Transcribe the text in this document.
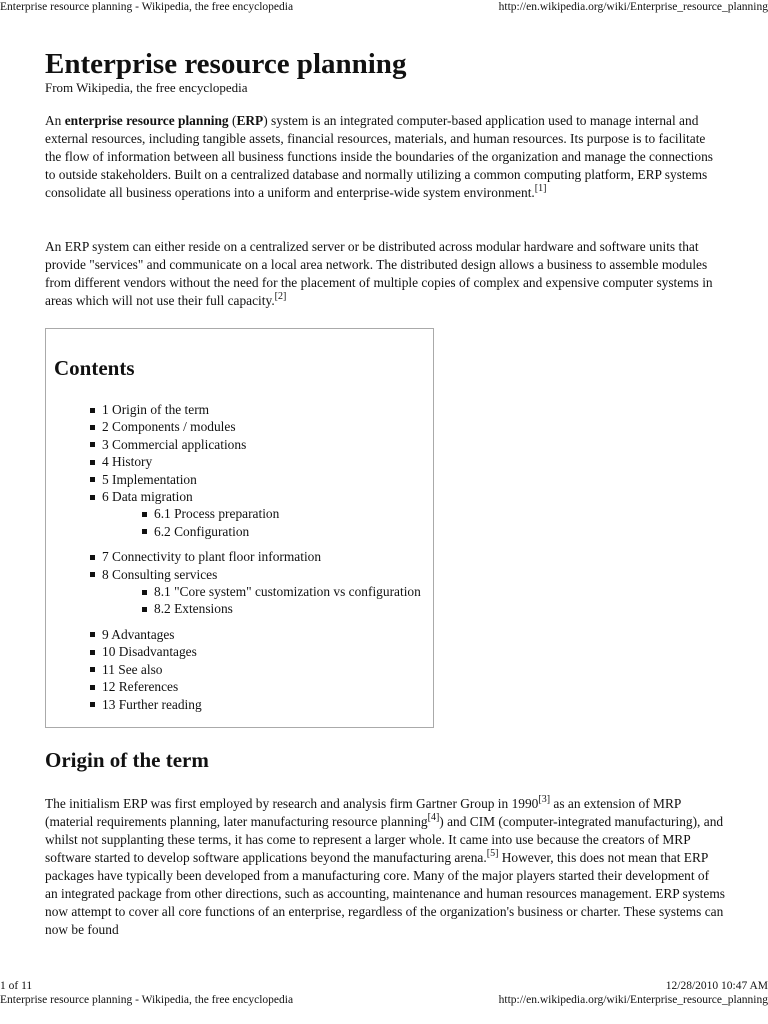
Enterprise resource planning - Wikipedia, the free encyclopedia	http://en.wikipedia.org/wiki/Enterprise_resource_planning
Enterprise resource planning
From Wikipedia, the free encyclopedia

An enterprise resource planning (ERP) system is an integrated computer-based application used to manage internal and external resources, including tangible assets, financial resources, materials, and human resources. Its purpose is to facilitate the flow of information between all business functions inside the boundaries of the organization and manage the connections to outside stakeholders. Built on a centralized database and normally utilizing a common computing platform, ERP systems consolidate all business operations into a uniform and enterprise-wide system environment.[1]

An ERP system can either reside on a centralized server or be distributed across modular hardware and software units that provide "services" and communicate on a local area network. The distributed design allows a business to assemble modules from different vendors without the need for the placement of multiple copies of complex and expensive computer systems in areas which will not use their full capacity.[2]

Contents
1 Origin of the term
2 Components / modules
3 Commercial applications
4 History
5 Implementation
6 Data migration
6.1 Process preparation
6.2 Configuration
7 Connectivity to plant floor information
8 Consulting services
8.1 "Core system" customization vs configuration
8.2 Extensions
9 Advantages
10 Disadvantages
11 See also
12 References
13 Further reading
Origin of the term

The initialism ERP was first employed by research and analysis firm Gartner Group in 1990[3] as an extension of MRP (material requirements planning, later manufacturing resource planning[4]) and CIM (computer-integrated manufacturing), and whilst not supplanting these terms, it has come to represent a larger whole. It came into use because the creators of MRP software started to develop software applications beyond the manufacturing arena.[5] However, this does not mean that ERP packages have typically been developed from a manufacturing core. Many of the major players started their development of an integrated package from other directions, such as accounting, maintenance and human resources management. ERP systems now attempt to cover all core functions of an enterprise, regardless of the organization's business or charter. These systems can now be found

1 of 11	12/28/2010 10:47 AM
Enterprise resource planning - Wikipedia, the free encyclopedia	http://en.wikipedia.org/wiki/Enterprise_resource_planning
